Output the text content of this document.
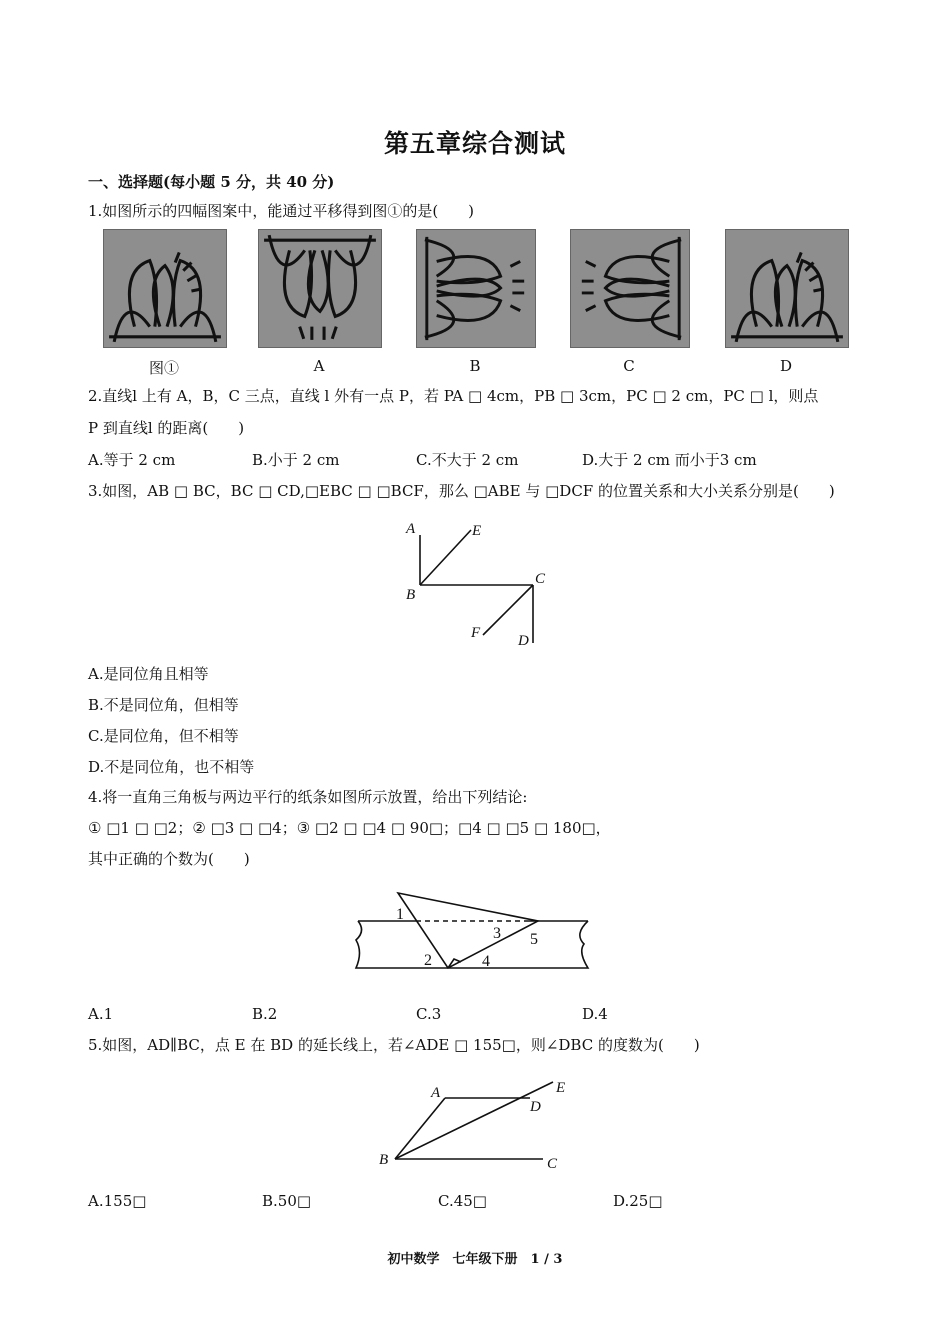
第五章综合测试
一、选择题(每小题 5 分，共 40 分)
1.如图所示的四幅图案中，能通过平移得到图①的是(　　)
图①	A	B	C	D
2.直线l 上有 A，B，C 三点，直线 l 外有一点 P，若 PA □ 4cm，PB □ 3cm，PC □ 2 cm，PC □ l，则点
P 到直线l 的距离(　　)
A.等于 2 cm	B.小于 2 cm	C.不大于 2 cm	D.大于 2 cm 而小于3 cm
3.如图，AB □ BC，BC □ CD,□EBC □ □BCF，那么 □ABE 与 □DCF 的位置关系和大小关系分别是(　　)
A	E
B
C
F	D
A.是同位角且相等
B.不是同位角，但相等
C.是同位角，但不相等
D.不是同位角，也不相等
4.将一直角三角板与两边平行的纸条如图所示放置，给出下列结论:
① □1 □ □2；② □3 □ □4；③ □2 □ □4 □ 90□；□4 □ □5 □ 180□，
其中正确的个数为(　　)
1
2
3
4
5
A.1	B.2	C.3	D.4
5.如图，AD∥BC，点 E 在 BD 的延长线上，若∠ADE □ 155□，则∠DBC 的度数为(　　)
A	E
D
B	C
A.155□	B.50□	C.45□	D.25□
初中数学　七年级下册　1 / 3
